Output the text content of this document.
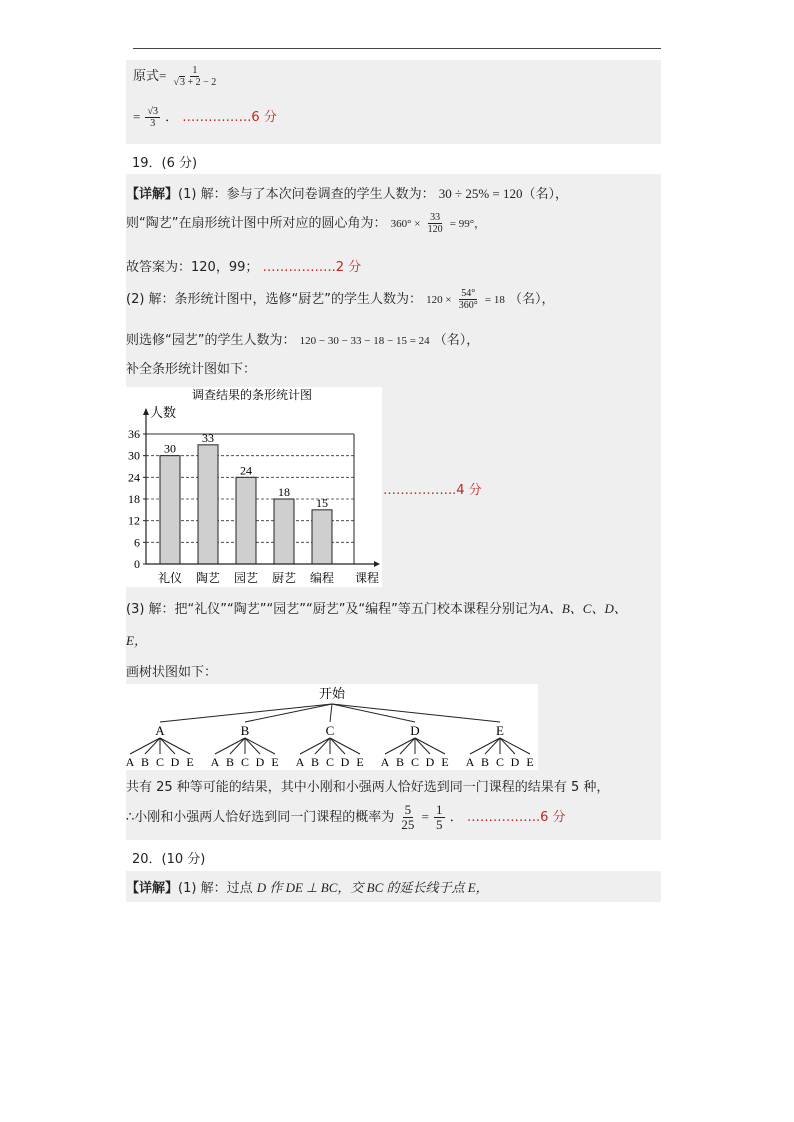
原式= $\frac{1}{√3 + 2 - 2}$
= $\frac{√3}{3}$ ． …………….6 分
19．(6 分)
【详解】(1) 解：参与了本次问卷调查的学生人数为： 30 ÷ 25% = 120（名），
则“陶艺”在扇形统计图中所对应的圆心角为： $360^\circ \times \frac{33}{120} = 99^\circ$，
故答案为：120，99； ……………..2 分
(2) 解：条形统计图中，选修“厨艺”的学生人数为： $120 \times \frac{54^\circ}{360^\circ} = 18$ （名），
则选修“园艺”的学生人数为： 120 − 30 − 33 − 18 − 15 = 24 （名），
补全条形统计图如下：
调查结果的条形统计图
人数
课程
0
6
12
18
24
30
36
30
礼仪
33
陶艺
24
园艺
18
厨艺
15
编程
……………..4 分
(3) 解：把“礼仪”“陶艺”“园艺”“厨艺”及“编程”等五门校本课程分别记为A、B、C、D、
E，
画树状图如下：
开始
A
A B C D E
B
A B C D E
C
A B C D E
D
A B C D E
E
A B C D E
共有 25 种等可能的结果，其中小刚和小强两人恰好选到同一门课程的结果有 5 种，
∴小刚和小强两人恰好选到同一门课程的概率为 $\frac{5}{25} = \frac{1}{5}$ ． ……………..6 分
20．(10 分)
【详解】(1) 解：过点 D 作 DE ⊥ BC，交 BC 的延长线于点 E，
